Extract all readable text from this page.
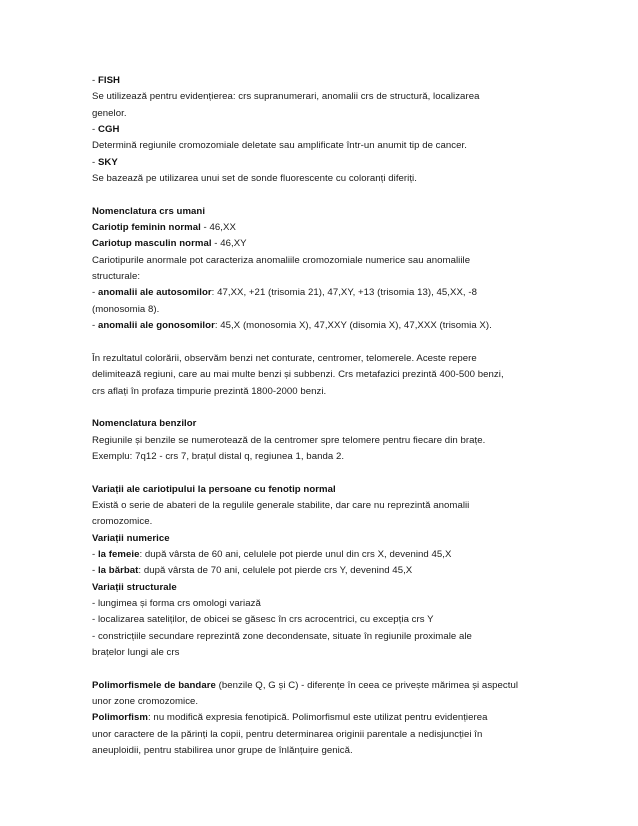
- FISH
Se utilizează pentru evidențierea: crs supranumerari, anomalii crs de structură, localizarea
genelor.
- CGH
Determină regiunile cromozomiale deletate sau amplificate într-un anumit tip de cancer.
- SKY
Se bazează pe utilizarea unui set de sonde fluorescente cu coloranți diferiți.
Nomenclatura crs umani
Cariotip feminin normal - 46,XX
Cariotup masculin normal - 46,XY
Cariotipurile anormale pot caracteriza anomaliile cromozomiale numerice sau anomaliile
structurale:
- anomalii ale autosomilor: 47,XX, +21 (trisomia 21), 47,XY, +13 (trisomia 13), 45,XX, -8
(monosomia 8).
- anomalii ale gonosomilor: 45,X (monosomia X), 47,XXY (disomia X), 47,XXX (trisomia X).
În rezultatul colorării, observăm benzi net conturate, centromer, telomerele. Aceste repere
delimitează regiuni, care au mai multe benzi și subbenzi. Crs metafazici prezintă 400-500 benzi,
crs aflați în profaza timpurie prezintă 1800-2000 benzi.
Nomenclatura benzilor
Regiunile și benzile se numerotează de la centromer spre telomere pentru fiecare din brațe.
Exemplu: 7q12 - crs 7, brațul distal q, regiunea 1, banda 2.
Variații ale cariotipului la persoane cu fenotip normal
Există o serie de abateri de la regulile generale stabilite, dar care nu reprezintă anomalii
cromozomice.
Variații numerice
- la femeie: după vârsta de 60 ani, celulele pot pierde unul din crs X, devenind 45,X
- la bărbat: după vârsta de 70 ani, celulele pot pierde crs Y, devenind 45,X
Variații structurale
- lungimea și forma crs omologi variază
- localizarea sateliților, de obicei se găsesc în crs acrocentrici, cu excepția crs Y
- constricțiile secundare reprezintă zone decondensate, situate în regiunile proximale ale
brațelor lungi ale crs
Polimorfismele de bandare (benzile Q, G și C) - diferențe în ceea ce privește mărimea și aspectul
unor zone cromozomice.
Polimorfism: nu modifică expresia fenotipică. Polimorfismul este utilizat pentru evidențierea
unor caractere de la părinți la copii, pentru determinarea originii parentale a nedisjuncției în
aneuploidii, pentru stabilirea unor grupe de înlănțuire genică.
